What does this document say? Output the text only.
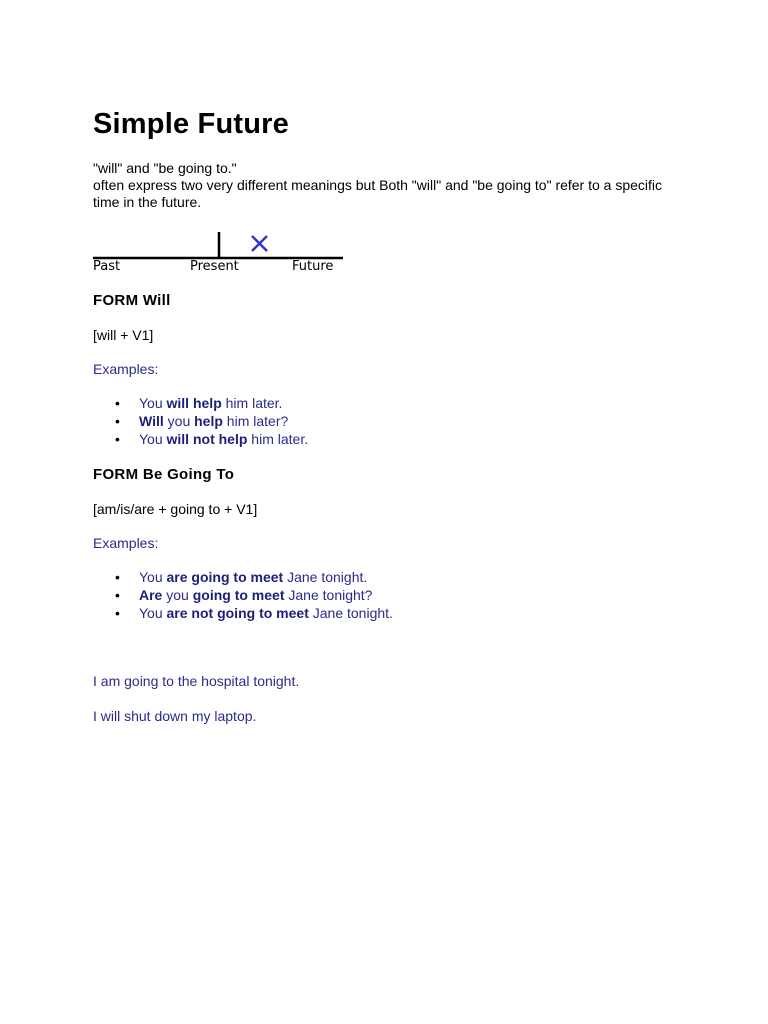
Simple Future
"will" and "be going to."
often express two very different meanings but Both "will" and "be going to" refer to a specific time in the future.
Past	Present	Future
FORM Will
[will + V1]
Examples:
• You will help him later.
• Will you help him later?
• You will not help him later.
FORM Be Going To
[am/is/are + going to + V1]
Examples:
• You are going to meet Jane tonight.
• Are you going to meet Jane tonight?
• You are not going to meet Jane tonight.
I am going to the hospital tonight.
I will shut down my laptop.
